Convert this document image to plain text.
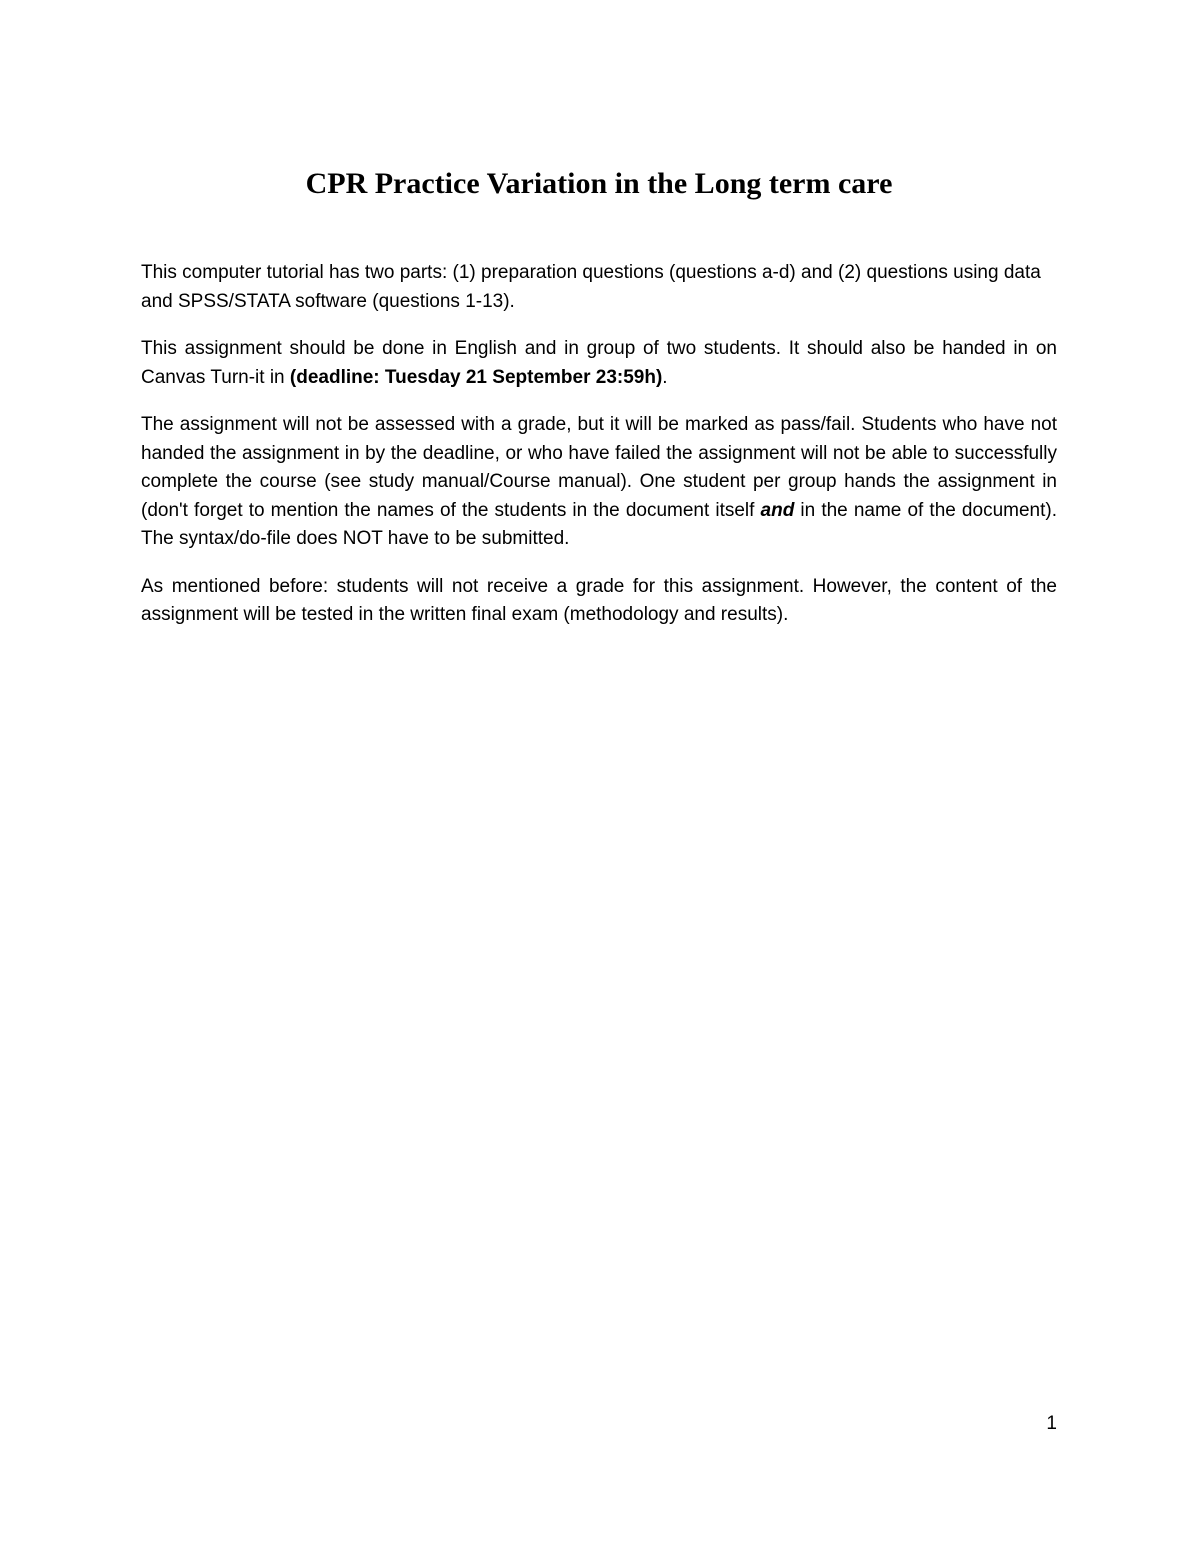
CPR Practice Variation in the Long term care

This computer tutorial has two parts: (1) preparation questions (questions a-d) and (2) questions using data and SPSS/STATA software (questions 1-13).

This assignment should be done in English and in group of two students. It should also be handed in on Canvas Turn-it in (deadline: Tuesday 21 September 23:59h).

The assignment will not be assessed with a grade, but it will be marked as pass/fail. Students who have not handed the assignment in by the deadline, or who have failed the assignment will not be able to successfully complete the course (see study manual/Course manual). One student per group hands the assignment in (don't forget to mention the names of the students in the document itself and in the name of the document). The syntax/do-file does NOT have to be submitted.

As mentioned before: students will not receive a grade for this assignment. However, the content of the assignment will be tested in the written final exam (methodology and results).

1
